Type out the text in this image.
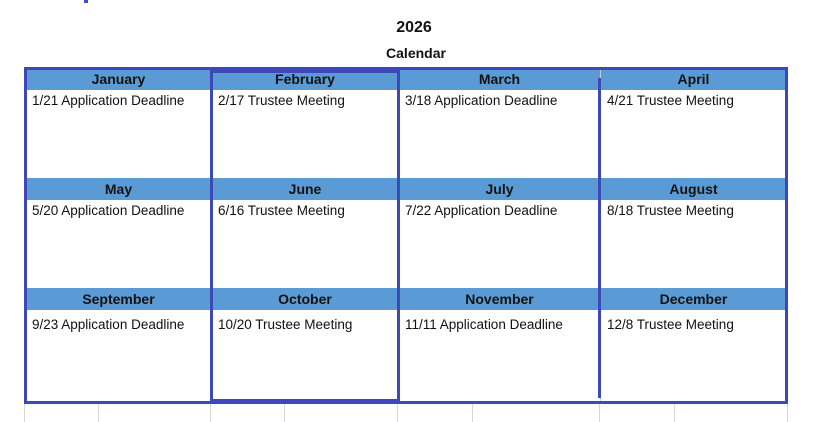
2026
Calendar
January
1/21 Application Deadline
February
2/17 Trustee Meeting
March
3/18 Application Deadline
April
4/21 Trustee Meeting
May
5/20 Application Deadline
June
6/16 Trustee Meeting
July
7/22 Application Deadline
August
8/18 Trustee Meeting
September
9/23 Application Deadline
October
10/20 Trustee Meeting
November
11/11 Application Deadline
December
12/8 Trustee Meeting
